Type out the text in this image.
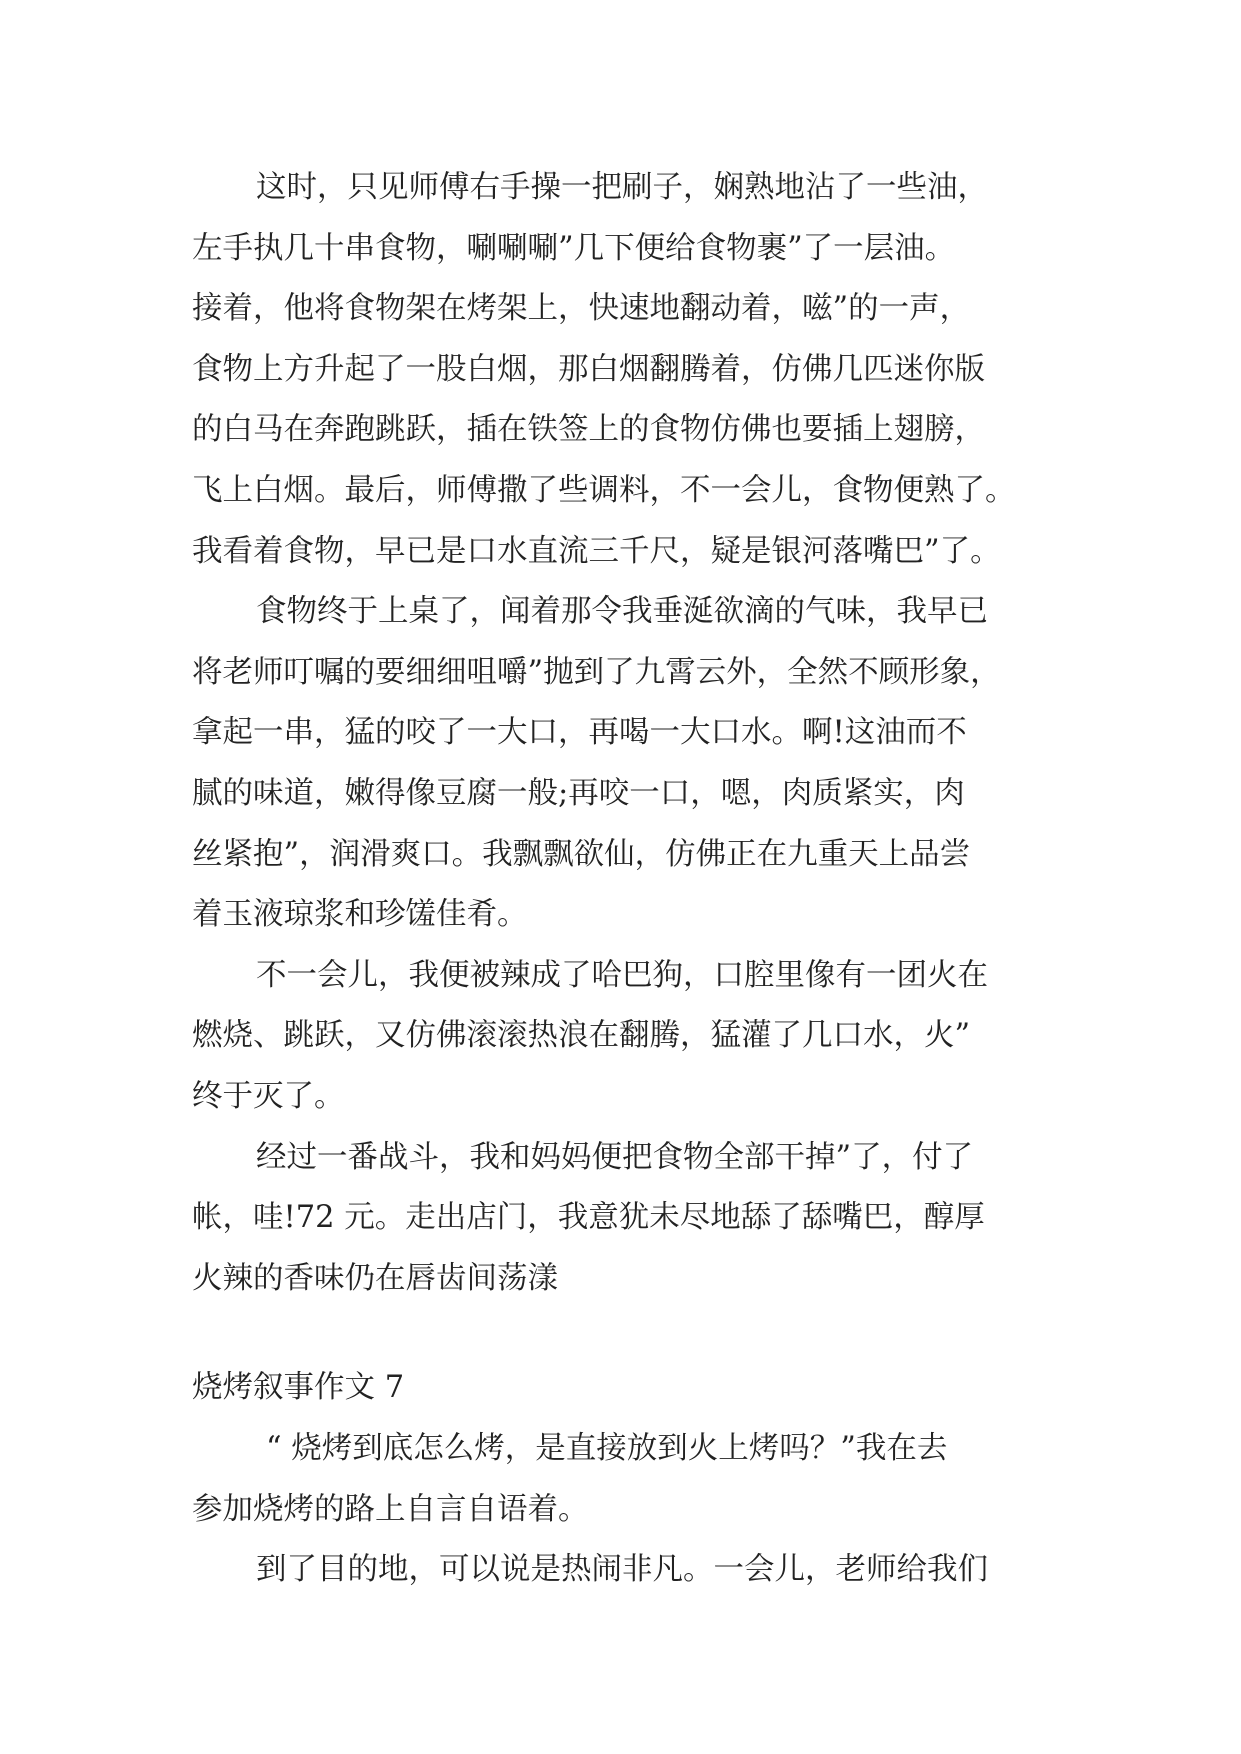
这时，只见师傅右手操一把刷子，娴熟地沾了一些油，
左手执几十串食物，唰唰唰”几下便给食物裹”了一层油。
接着，他将食物架在烤架上，快速地翻动着，嗞”的一声，
食物上方升起了一股白烟，那白烟翻腾着，仿佛几匹迷你版
的白马在奔跑跳跃，插在铁签上的食物仿佛也要插上翅膀，
飞上白烟。最后，师傅撒了些调料，不一会儿，食物便熟了。
我看着食物，早已是口水直流三千尺，疑是银河落嘴巴”了。
食物终于上桌了，闻着那令我垂涎欲滴的气味，我早已
将老师叮嘱的要细细咀嚼”抛到了九霄云外，全然不顾形象，
拿起一串，猛的咬了一大口，再喝一大口水。啊!这油而不
腻的味道，嫩得像豆腐一般;再咬一口，嗯，肉质紧实，肉
丝紧抱”，润滑爽口。我飘飘欲仙，仿佛正在九重天上品尝
着玉液琼浆和珍馐佳肴。
不一会儿，我便被辣成了哈巴狗，口腔里像有一团火在
燃烧、跳跃，又仿佛滚滚热浪在翻腾，猛灌了几口水，火”
终于灭了。
经过一番战斗，我和妈妈便把食物全部干掉”了，付了
帐，哇!72 元。走出店门，我意犹未尽地舔了舔嘴巴，醇厚
火辣的香味仍在唇齿间荡漾
烧烤叙事作文 7
“ 烧烤到底怎么烤，是直接放到火上烤吗？”我在去
参加烧烤的路上自言自语着。
到了目的地，可以说是热闹非凡。一会儿，老师给我们
